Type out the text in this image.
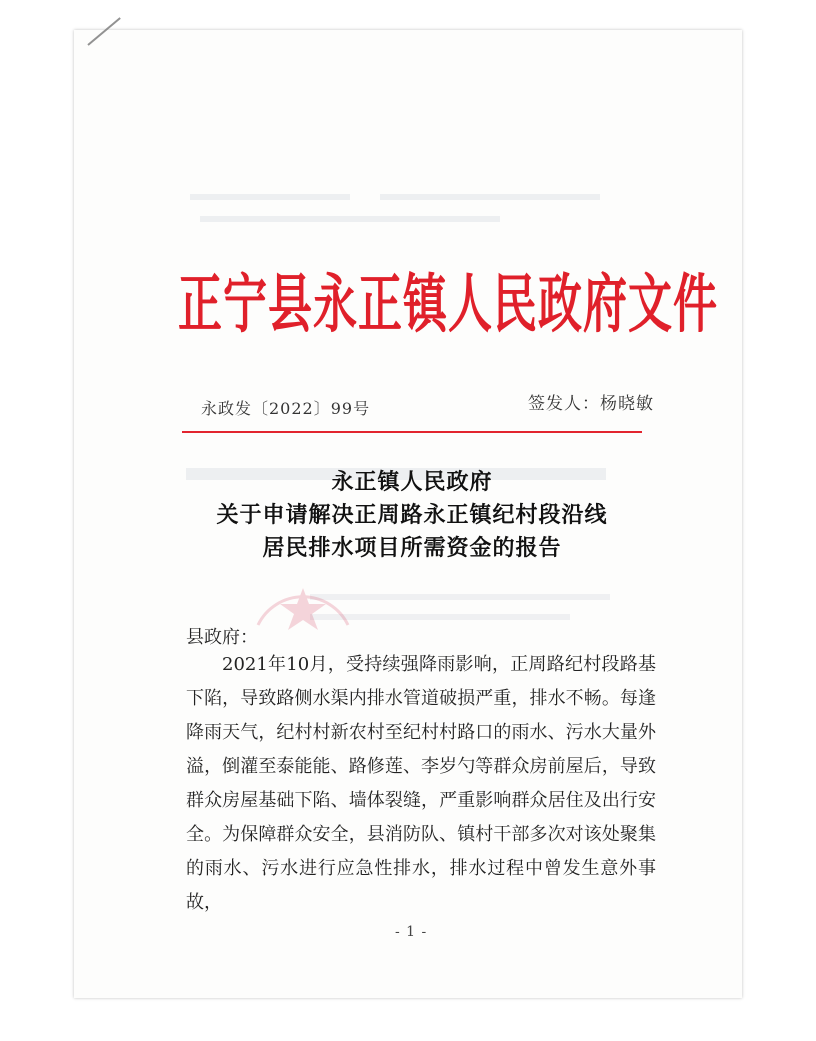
正宁县永正镇人民政府文件
永政发〔2022〕99号	签发人：杨晓敏
永正镇人民政府
关于申请解决正周路永正镇纪村段沿线
居民排水项目所需资金的报告
县政府：
2021年10月，受持续强降雨影响，正周路纪村段路基下陷，导致路侧水渠内排水管道破损严重，排水不畅。每逢降雨天气，纪村村新农村至纪村村路口的雨水、污水大量外溢，倒灌至泰能能、路修莲、李岁勺等群众房前屋后，导致群众房屋基础下陷、墙体裂缝，严重影响群众居住及出行安全。为保障群众安全，县消防队、镇村干部多次对该处聚集的雨水、污水进行应急性排水，排水过程中曾发生意外事故，
- 1 -
